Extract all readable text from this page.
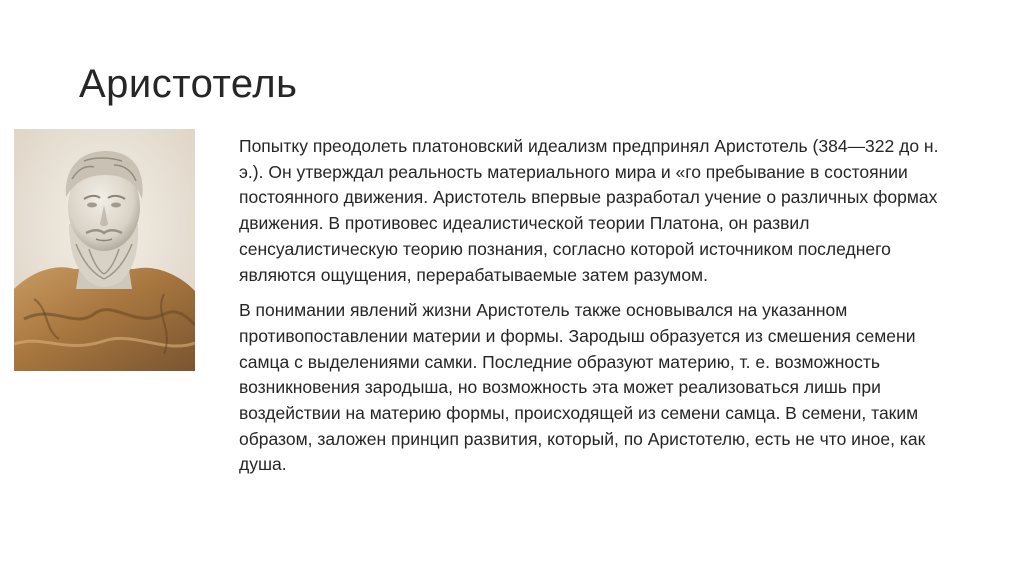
Аристотель

Попытку преодолеть платоновский идеализм предпринял Аристотель (384—322 до н. э.). Он утверждал реальность материального мира и «го пребывание в состоянии постоянного движения. Аристотель впервые разработал учение о различных формах движения. В противовес идеалистической теории Платона, он развил сенсуалистическую теорию познания, согласно которой источником последнего являются ощущения, перерабатываемые затем разумом.

В понимании явлений жизни Аристотель также основывался на указанном противопоставлении материи и формы. Зародыш образуется из смешения семени самца с выделениями самки. Последние образуют материю, т. е. возможность возникновения зародыша, но возможность эта может реализоваться лишь при воздействии на материю формы, происходящей из семени самца. В семени, таким образом, заложен принцип развития, который, по Аристотелю, есть не что иное, как душа.
